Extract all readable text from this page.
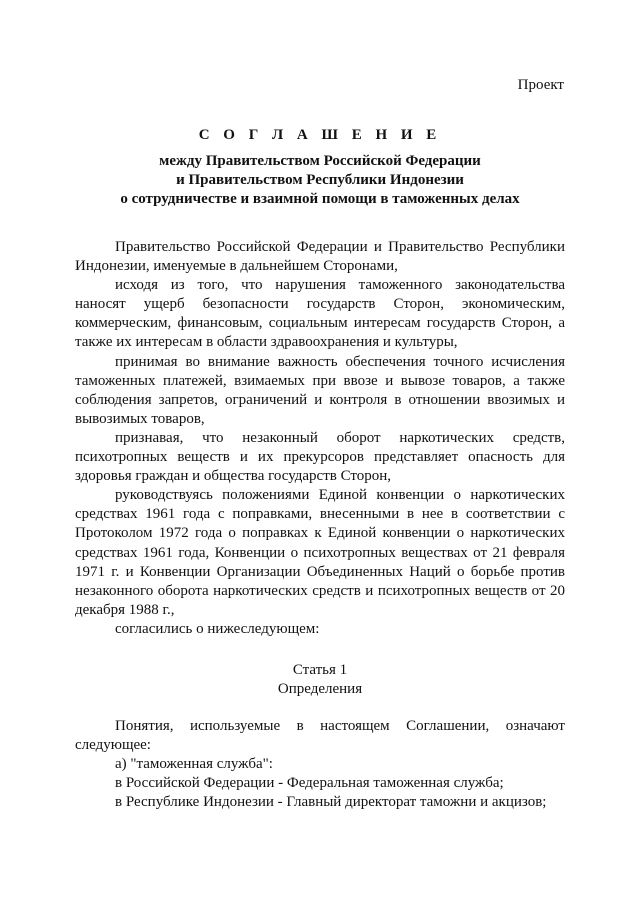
Проект
С О Г Л А Ш Е Н И Е
между Правительством Российской Федерации
и Правительством Республики Индонезии
о сотрудничестве и взаимной помощи в таможенных делах

Правительство Российской Федерации и Правительство Республики Индонезии, именуемые в дальнейшем Сторонами,

исходя из того, что нарушения таможенного законодательства наносят ущерб безопасности государств Сторон, экономическим, коммерческим, финансовым, социальным интересам государств Сторон, а также их интересам в области здравоохранения и культуры,

принимая во внимание важность обеспечения точного исчисления таможенных платежей, взимаемых при ввозе и вывозе товаров, а также соблюдения запретов, ограничений и контроля в отношении ввозимых и вывозимых товаров,

признавая, что незаконный оборот наркотических средств, психотропных веществ и их прекурсоров представляет опасность для здоровья граждан и общества государств Сторон,

руководствуясь положениями Единой конвенции о наркотических средствах 1961 года с поправками, внесенными в нее в соответствии с Протоколом 1972 года о поправках к Единой конвенции о наркотических средствах 1961 года, Конвенции о психотропных веществах от 21 февраля 1971 г. и Конвенции Организации Объединенных Наций о борьбе против незаконного оборота наркотических средств и психотропных веществ от 20 декабря 1988 г.,

согласились о нижеследующем:

Статья 1
Определения

Понятия, используемые в настоящем Соглашении, означают следующее:

а) "таможенная служба":

в Российской Федерации - Федеральная таможенная служба;

в Республике Индонезии - Главный директорат таможни и акцизов;
